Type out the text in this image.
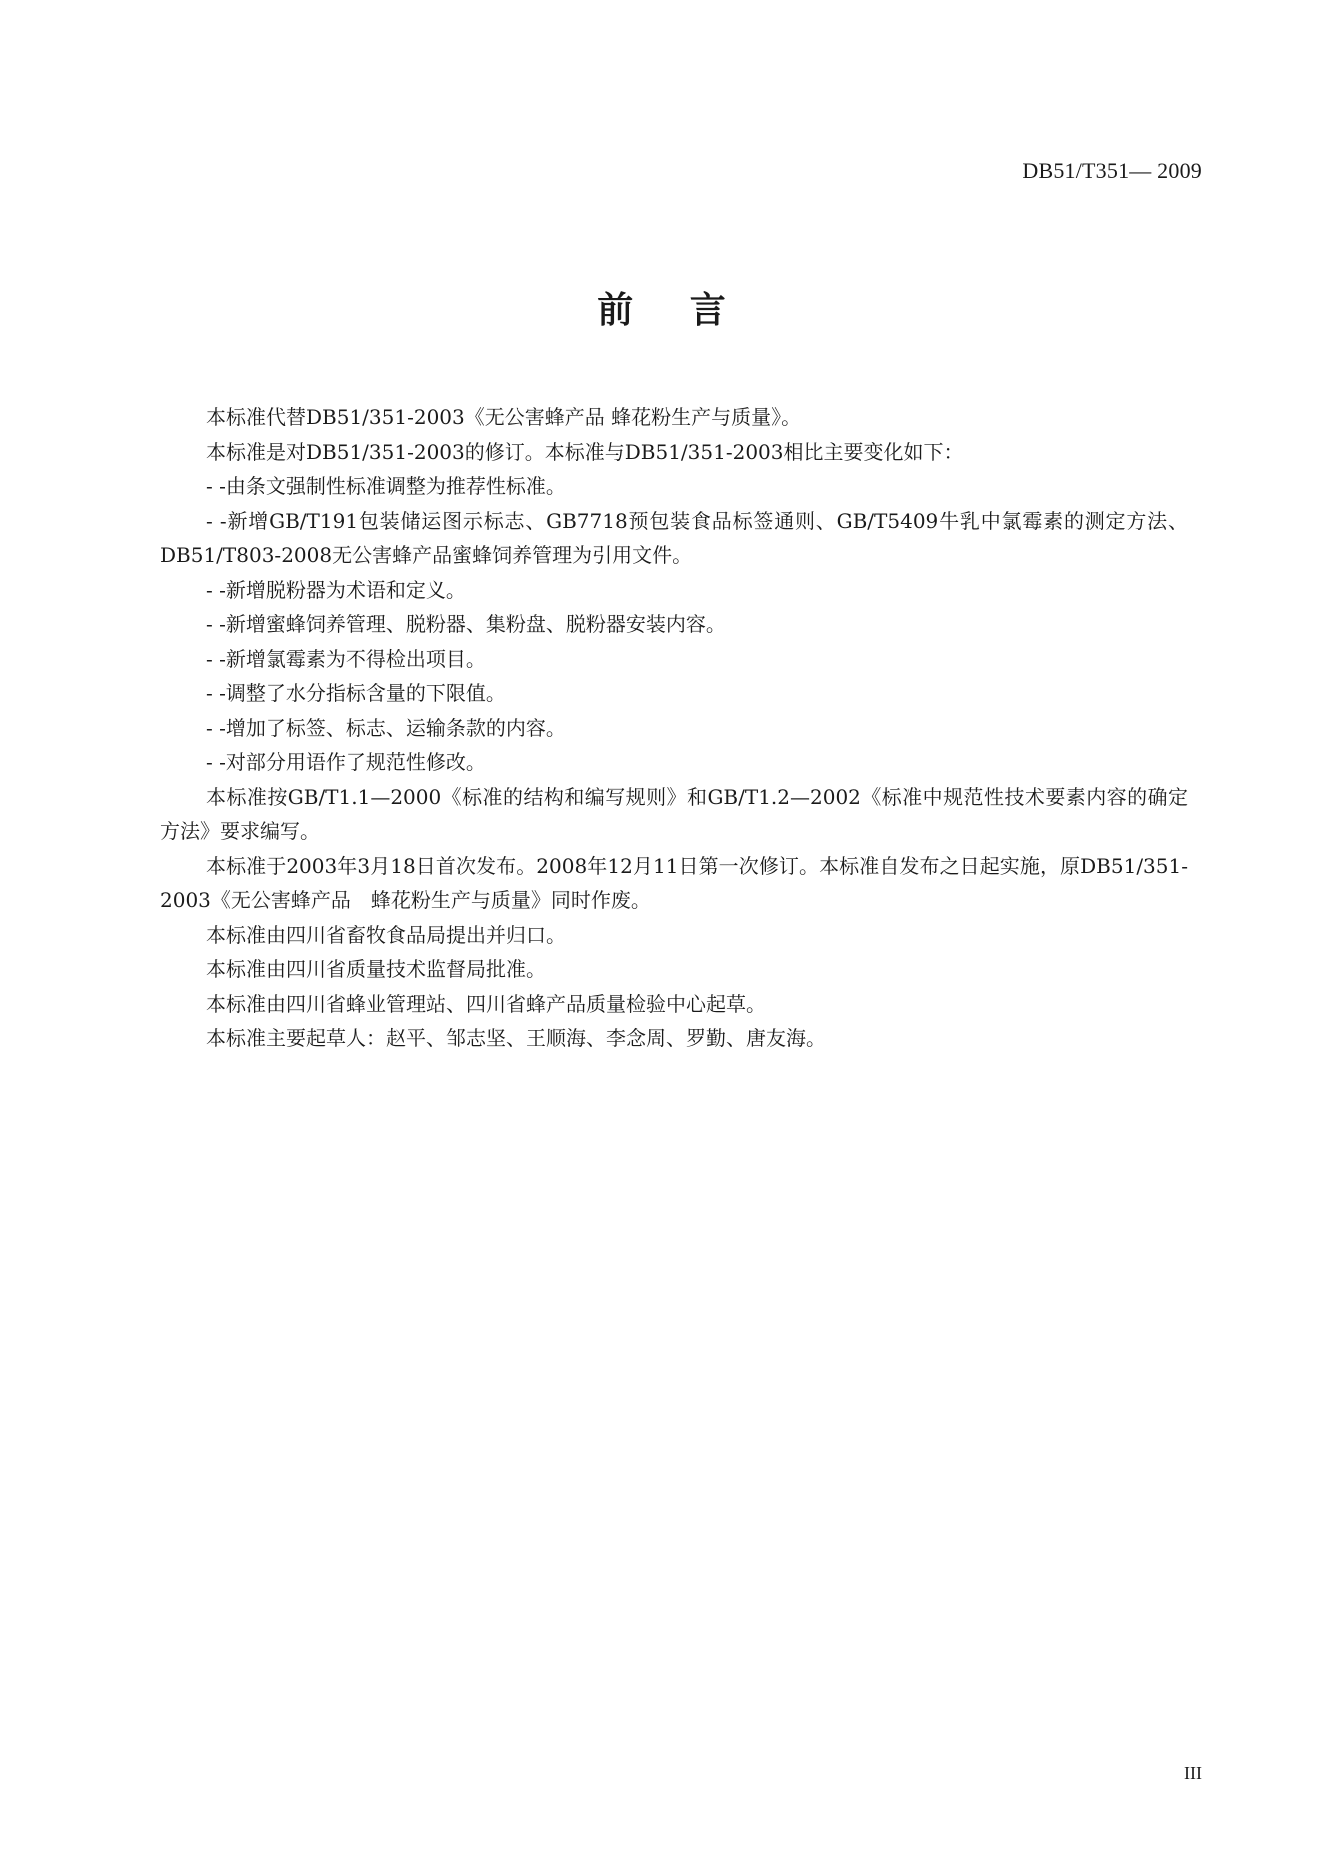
DB51/T351— 2009
前 言

本标准代替DB51/351-2003《无公害蜂产品 蜂花粉生产与质量》。

本标准是对DB51/351-2003的修订。本标准与DB51/351-2003相比主要变化如下：

- -由条文强制性标准调整为推荐性标准。

- -新增GB/T191包装储运图示标志、GB7718预包装食品标签通则、GB/T5409牛乳中氯霉素的测定方法、DB51/T803-2008无公害蜂产品蜜蜂饲养管理为引用文件。

- -新增脱粉器为术语和定义。

- -新增蜜蜂饲养管理、脱粉器、集粉盘、脱粉器安装内容。

- -新增氯霉素为不得检出项目。

- -调整了水分指标含量的下限值。

- -增加了标签、标志、运输条款的内容。

- -对部分用语作了规范性修改。

本标准按GB/T1.1—2000《标准的结构和编写规则》和GB/T1.2—2002《标准中规范性技术要素内容的确定方法》要求编写。

本标准于2003年3月18日首次发布。2008年12月11日第一次修订。本标准自发布之日起实施，原DB51/351-2003《无公害蜂产品　蜂花粉生产与质量》同时作废。

本标准由四川省畜牧食品局提出并归口。

本标准由四川省质量技术监督局批准。

本标准由四川省蜂业管理站、四川省蜂产品质量检验中心起草。

本标准主要起草人：赵平、邹志坚、王顺海、李念周、罗勤、唐友海。

III
